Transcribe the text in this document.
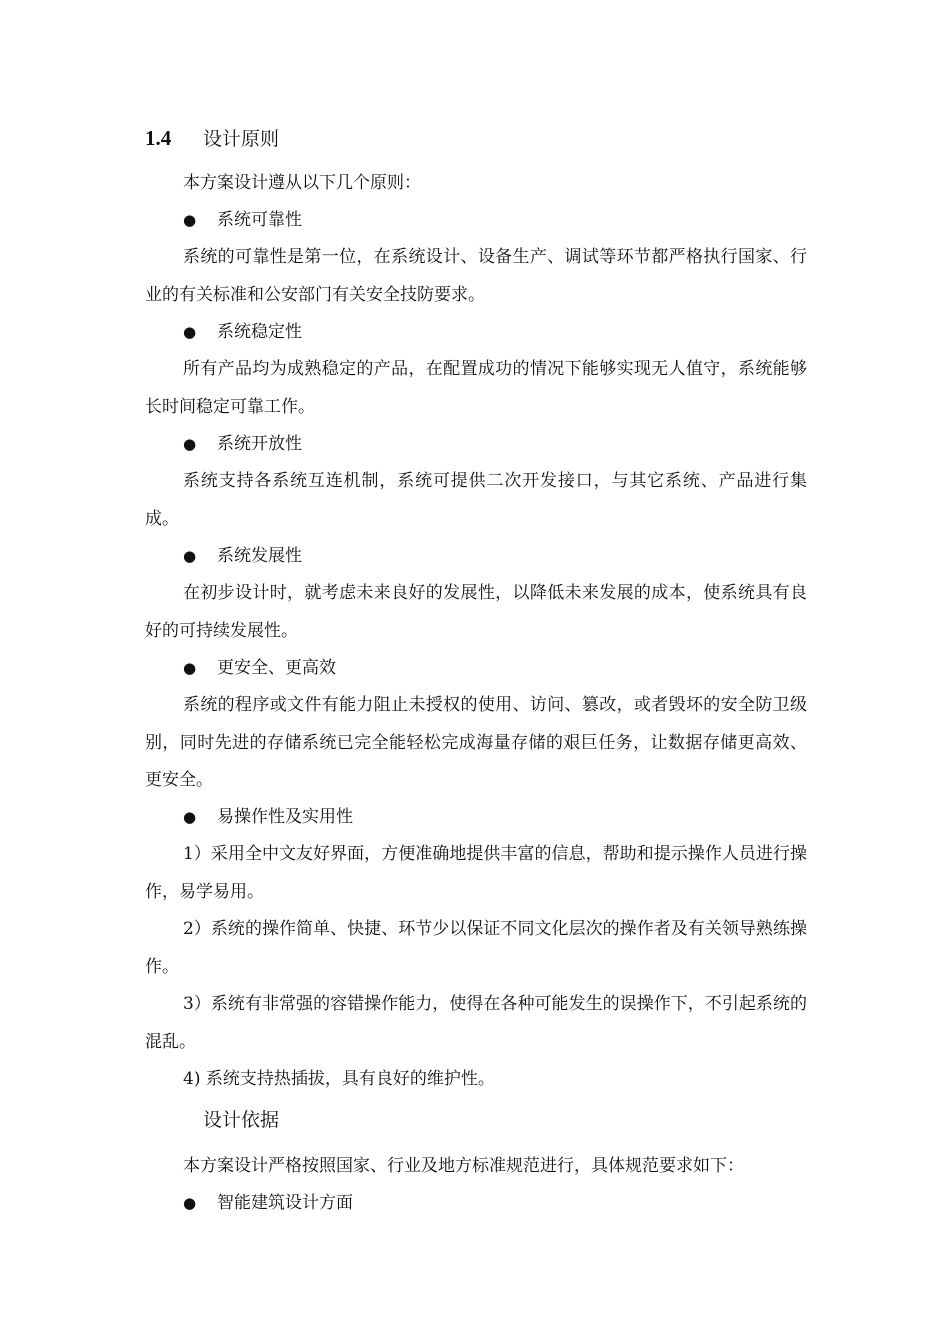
1.4 设计原则

本方案设计遵从以下几个原则：

● 系统可靠性

系统的可靠性是第一位，在系统设计、设备生产、调试等环节都严格执行国家、行业的有关标准和公安部门有关安全技防要求。

● 系统稳定性

所有产品均为成熟稳定的产品，在配置成功的情况下能够实现无人值守，系统能够长时间稳定可靠工作。

● 系统开放性

系统支持各系统互连机制，系统可提供二次开发接口，与其它系统、产品进行集成。

● 系统发展性

在初步设计时，就考虑未来良好的发展性，以降低未来发展的成本，使系统具有良好的可持续发展性。

● 更安全、更高效

系统的程序或文件有能力阻止未授权的使用、访问、篡改，或者毁坏的安全防卫级别，同时先进的存储系统已完全能轻松完成海量存储的艰巨任务，让数据存储更高效、更安全。

● 易操作性及实用性

1）采用全中文友好界面，方便准确地提供丰富的信息，帮助和提示操作人员进行操作，易学易用。

2）系统的操作简单、快捷、环节少以保证不同文化层次的操作者及有关领导熟练操作。

3）系统有非常强的容错操作能力，使得在各种可能发生的误操作下，不引起系统的混乱。

4) 系统支持热插拔，具有良好的维护性。
设计依据

本方案设计严格按照国家、行业及地方标准规范进行，具体规范要求如下：

● 智能建筑设计方面
